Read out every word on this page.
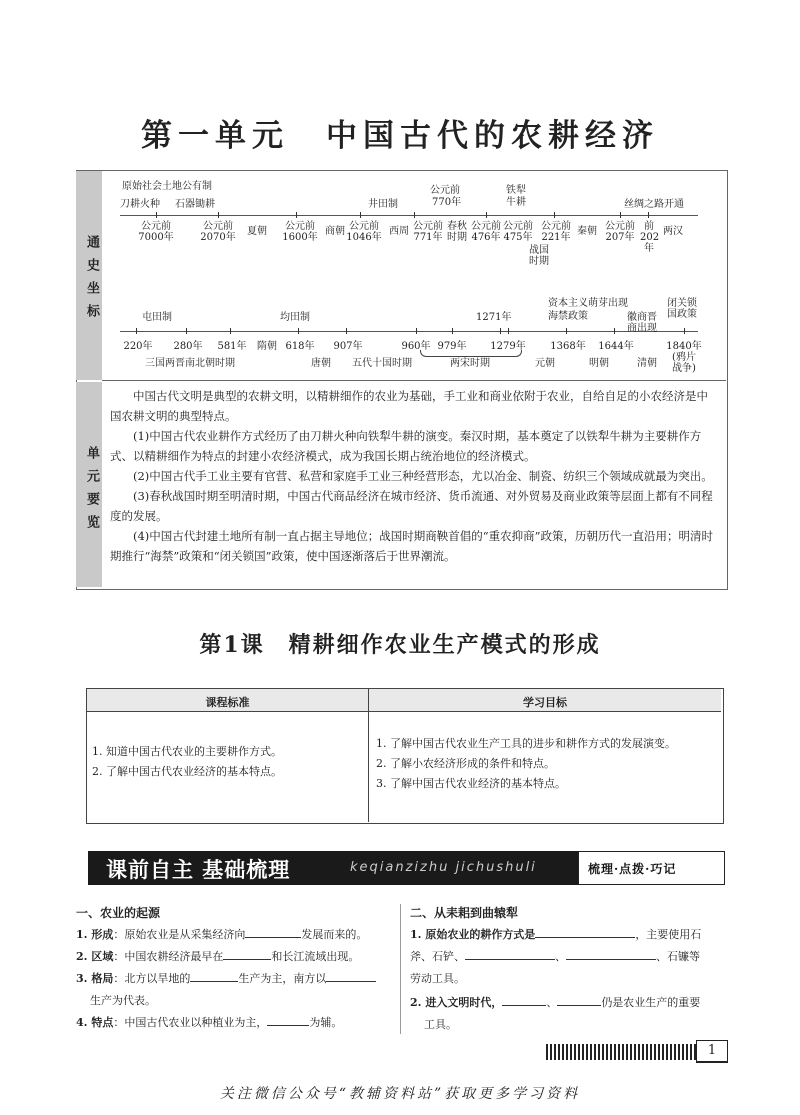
第一单元　中国古代的农耕经济
通史坐标
单元要览
原始社会土地公有制
刀耕火种 石器锄耕	井田制
公元前
770年
铁犁
牛耕	丝绸之路开通
公元前
7000年
公元前
2070年
夏朝	公元前
1600年
商朝 公元前
1046年
西周 公元前
771年
春秋
时期
公元前
476年
公元前
475年
战国
时期
公元前
221年
秦朝 公元前
207年
前
202
年
两汉
屯田制	均田制	1271年
资本主义萌芽出现
海禁政策	徽商晋
商出现
闭关锁
国政策
220年	280年	581年	隋朝 618年
唐朝
907年
五代十国时期
960年 979年
两宋时期
1279年
元朝
1368年
明朝
1644年
清朝
1840年
(鸦片
战争)
三国两晋南北朝时期

中国古代文明是典型的农耕文明，以精耕细作的农业为基础，手工业和商业依附于农业，自给自足的小农经济是中国农耕文明的典型特点。

(1)中国古代农业耕作方式经历了由刀耕火种向铁犁牛耕的演变。秦汉时期，基本奠定了以铁犁牛耕为主要耕作方式、以精耕细作为特点的封建小农经济模式，成为我国长期占统治地位的经济模式。

(2)中国古代手工业主要有官营、私营和家庭手工业三种经营形态，尤以冶金、制瓷、纺织三个领域成就最为突出。

(3)春秋战国时期至明清时期，中国古代商品经济在城市经济、货币流通、对外贸易及商业政策等层面上都有不同程度的发展。

(4)中国古代封建土地所有制一直占据主导地位；战国时期商鞅首倡的“重农抑商”政策，历朝历代一直沿用；明清时期推行“海禁”政策和“闭关锁国”政策，使中国逐渐落后于世界潮流。

第1课　精耕细作农业生产模式的形成
课程标准	学习目标
1. 知道中国古代农业的主要耕作方式。
2. 了解中国古代农业经济的基本特点。
1. 了解中国古代农业生产工具的进步和耕作方式的发展演变。
2. 了解小农经济形成的条件和特点。
3. 了解中国古代农业经济的基本特点。
课前自主 基础梳理	keqianzizhu jichushuli	梳理·点拨·巧记
一、农业的起源
1. 形成：原始农业是从采集经济向	发展而来的。
2. 区域：中国农耕经济最早在	和长江流域出现。
3. 格局：北方以旱地的	生产为主，南方以
生产为代表。
4. 特点：中国古代农业以种植业为主，	为辅。
二、从耒耜到曲辕犁
1. 原始农业的耕作方式是	，主要使用石
斧、石铲、	、	、石镰等
劳动工具。
2. 进入文明时代，	、	仍是农业生产的重要
工具。
1
关注微信公众号“教辅资料站”获取更多学习资料
